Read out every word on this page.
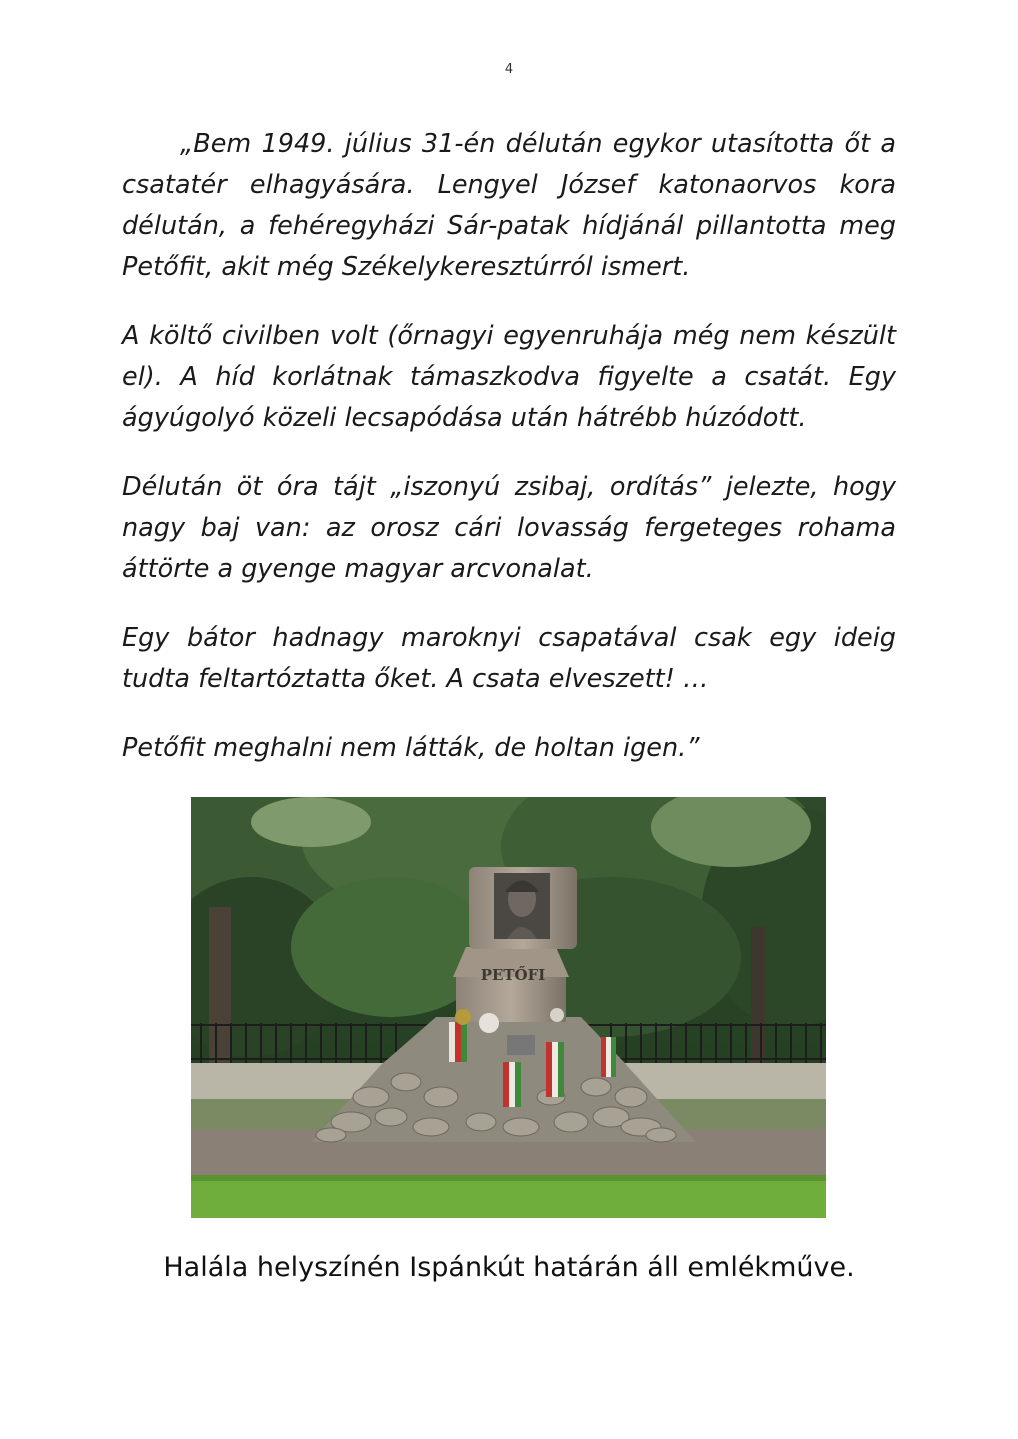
4

„Bem 1949. július 31-én délután egykor utasította őt a csatatér elhagyására. Lengyel József katonaorvos kora délután, a fehéregyházi Sár-patak hídjánál pillantotta meg Petőfit, akit még Székelykeresztúrról ismert.

A költő civilben volt (őrnagyi egyenruhája még nem készült el). A híd korlátnak támaszkodva figyelte a csatát. Egy ágyúgolyó közeli lecsapódása után hátrébb húzódott.

Délután öt óra tájt „iszonyú zsibaj, ordítás” jelezte, hogy nagy baj van: az orosz cári lovasság fergeteges rohama áttörte a gyenge magyar arcvonalat.

Egy bátor hadnagy maroknyi csapatával csak egy ideig tudta feltartóztatta őket. A csata elveszett! …

Petőfit meghalni nem látták, de holtan igen.”

PETŐFI
Halála helyszínén Ispánkút határán áll emlékműve.
